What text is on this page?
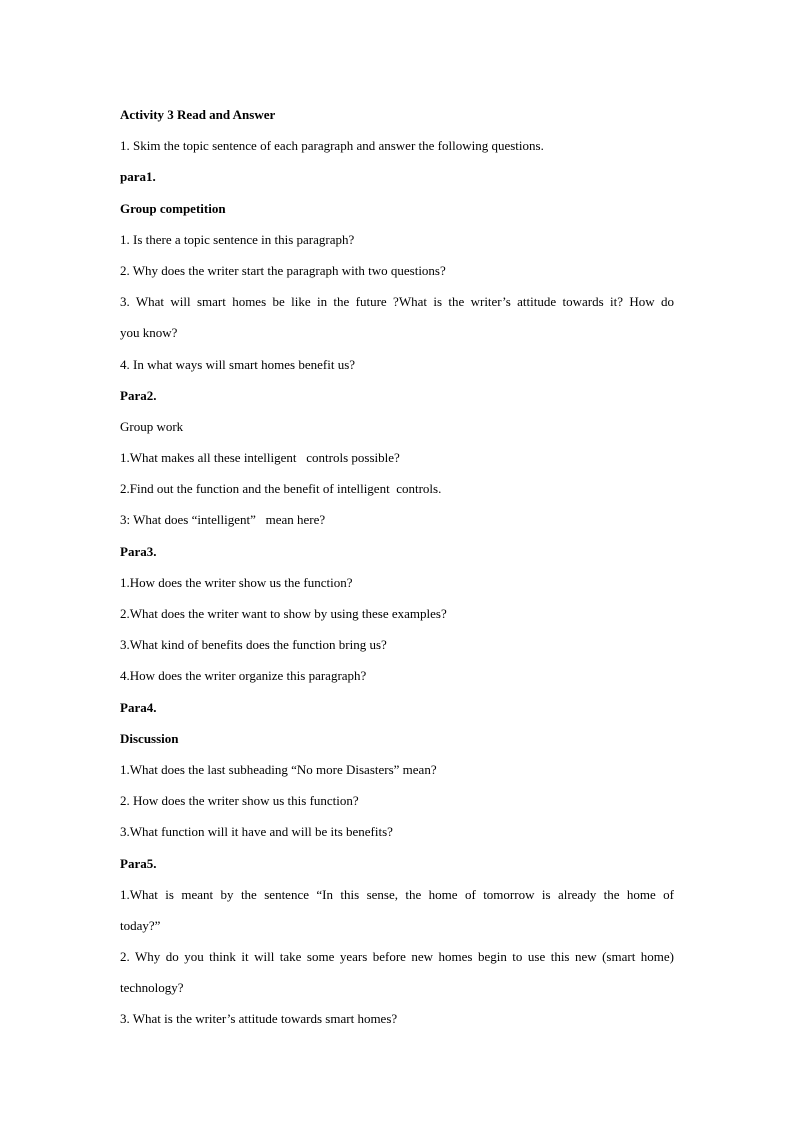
Activity 3 Read and Answer

1. Skim the topic sentence of each paragraph and answer the following questions.

para1.

Group competition

1. Is there a topic sentence in this paragraph?

2. Why does the writer start the paragraph with two questions?

3. What will smart homes be like in the future ?What is the writer’s attitude towards it? How do

you know?

4. In what ways will smart homes benefit us?

Para2.

Group work

1.What makes all these intelligent   controls possible?

2.Find out the function and the benefit of intelligent  controls.

3: What does “intelligent”   mean here?

Para3.

1.How does the writer show us the function?

2.What does the writer want to show by using these examples?

3.What kind of benefits does the function bring us?

4.How does the writer organize this paragraph?

Para4.

Discussion

1.What does the last subheading “No more Disasters” mean?

2. How does the writer show us this function?

3.What function will it have and will be its benefits?

Para5.

1.What is meant by the sentence “In this sense, the home of tomorrow is already the home of

today?”

2. Why do you think it will take some years before new homes begin to use this new (smart home)

technology?

3. What is the writer’s attitude towards smart homes?
